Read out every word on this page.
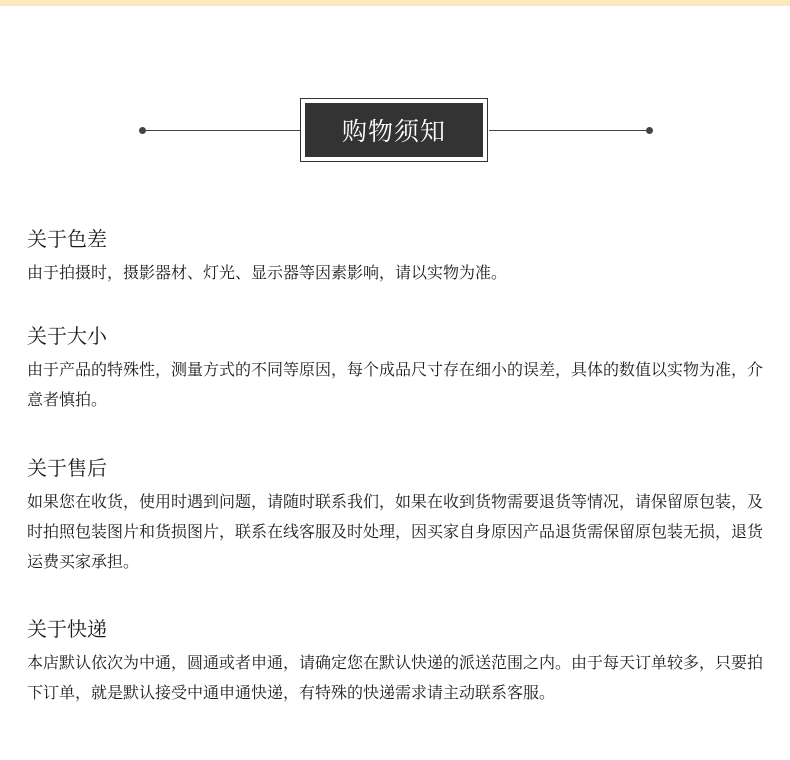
购物须知
关于色差

由于拍摄时，摄影器材、灯光、显示器等因素影响，请以实物为准。

关于大小

由于产品的特殊性，测量方式的不同等原因，每个成品尺寸存在细小的误差，具体的数值以实物为准，介意者慎拍。

关于售后

如果您在收货，使用时遇到问题，请随时联系我们，如果在收到货物需要退货等情况，请保留原包装，及时拍照包装图片和货损图片，联系在线客服及时处理，因买家自身原因产品退货需保留原包装无损，退货运费买家承担。

关于快递

本店默认依次为中通，圆通或者申通，请确定您在默认快递的派送范围之内。由于每天订单较多，只要拍下订单，就是默认接受中通申通快递，有特殊的快递需求请主动联系客服。
